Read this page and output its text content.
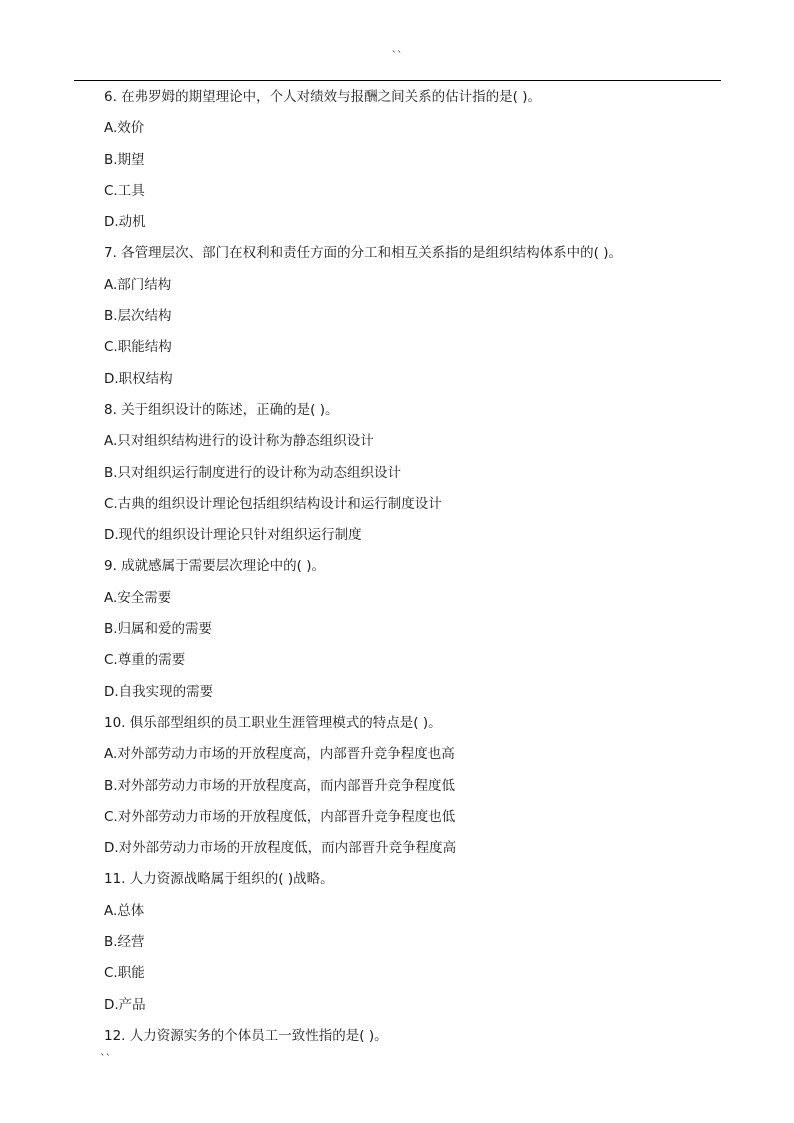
``
6. 在弗罗姆的期望理论中，个人对绩效与报酬之间关系的估计指的是( )。
A.效价
B.期望
C.工具
D.动机
7. 各管理层次、部门在权利和责任方面的分工和相互关系指的是组织结构体系中的( )。
A.部门结构
B.层次结构
C.职能结构
D.职权结构
8. 关于组织设计的陈述，正确的是( )。
A.只对组织结构进行的设计称为静态组织设计
B.只对组织运行制度进行的设计称为动态组织设计
C.古典的组织设计理论包括组织结构设计和运行制度设计
D.现代的组织设计理论只针对组织运行制度
9. 成就感属于需要层次理论中的( )。
A.安全需要
B.归属和爱的需要
C.尊重的需要
D.自我实现的需要
10. 俱乐部型组织的员工职业生涯管理模式的特点是( )。
A.对外部劳动力市场的开放程度高，内部晋升竞争程度也高
B.对外部劳动力市场的开放程度高，而内部晋升竞争程度低
C.对外部劳动力市场的开放程度低，内部晋升竞争程度也低
D.对外部劳动力市场的开放程度低，而内部晋升竞争程度高
11. 人力资源战略属于组织的( )战略。
A.总体
B.经营
C.职能
D.产品
12. 人力资源实务的个体员工一致性指的是( )。
``
